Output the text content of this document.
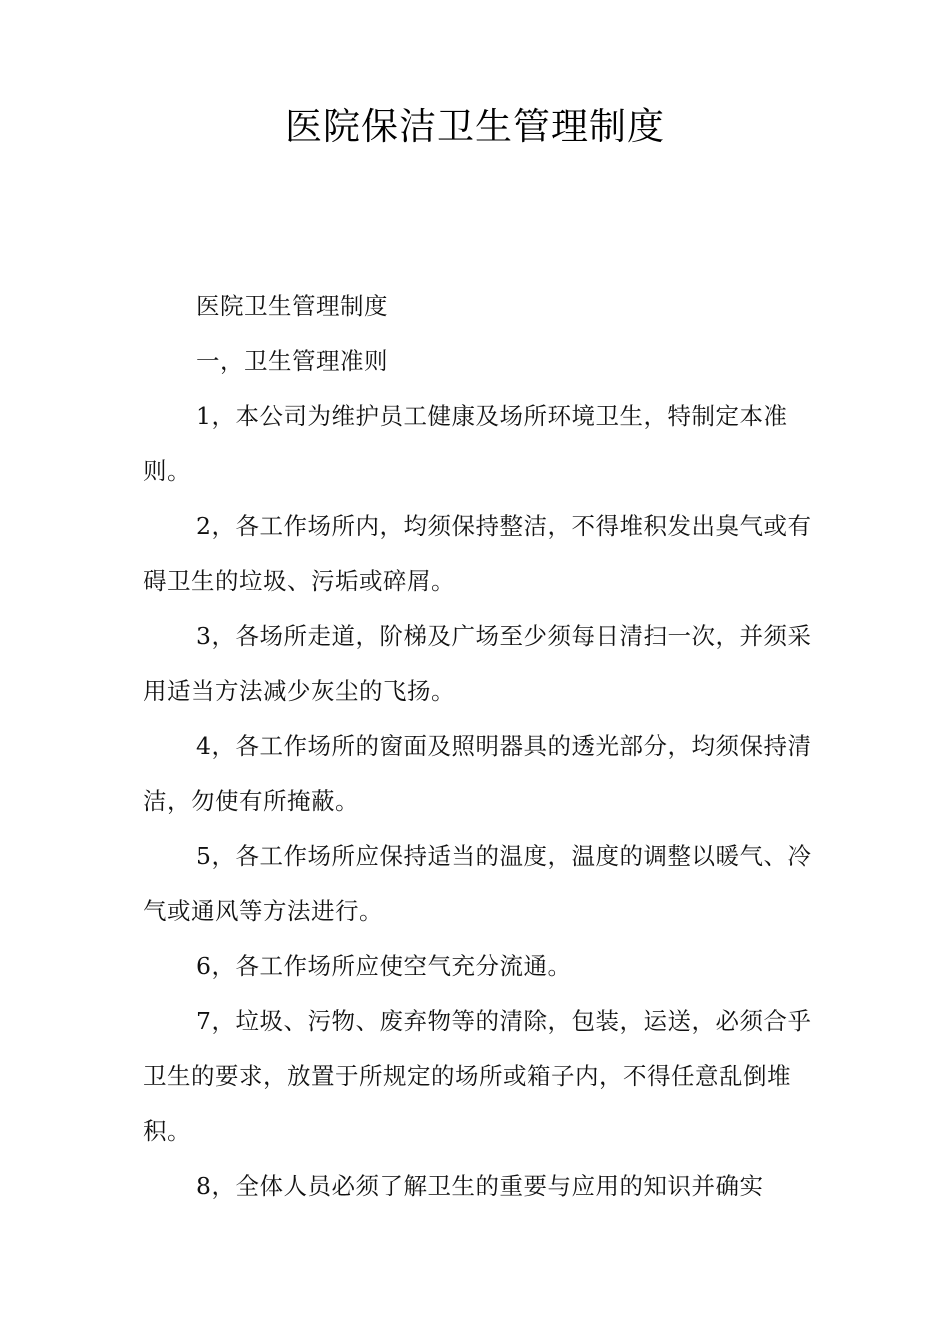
医院保洁卫生管理制度

医院卫生管理制度

一，卫生管理准则

1，本公司为维护员工健康及场所环境卫生，特制定本准则。

2，各工作场所内，均须保持整洁，不得堆积发出臭气或有碍卫生的垃圾、污垢或碎屑。

3，各场所走道，阶梯及广场至少须每日清扫一次，并须采用适当方法减少灰尘的飞扬。

4，各工作场所的窗面及照明器具的透光部分，均须保持清洁，勿使有所掩蔽。

5，各工作场所应保持适当的温度，温度的调整以暖气、冷气或通风等方法进行。

6，各工作场所应使空气充分流通。

7，垃圾、污物、废弃物等的清除，包装，运送，必须合乎卫生的要求，放置于所规定的场所或箱子内，不得任意乱倒堆积。

8，全体人员必须了解卫生的重要与应用的知识并确实
